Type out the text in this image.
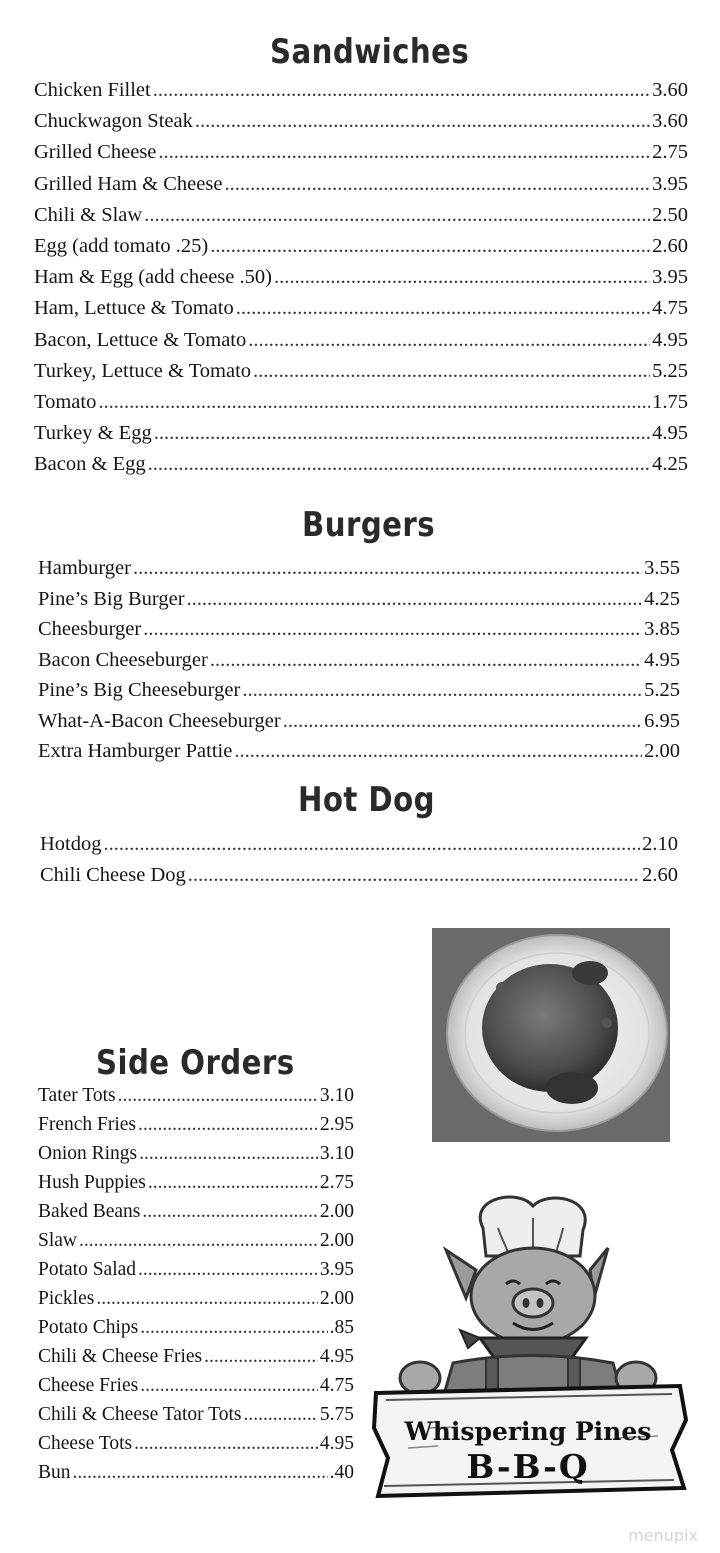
Sandwiches
Chicken Fillet .....	3.60
Chuckwagon Steak .....	3.60
Grilled Cheese .....	2.75
Grilled Ham & Cheese .....	3.95
Chili & Slaw .....	2.50
Egg (add tomato .25) .....	2.60
Ham & Egg (add cheese .50) .....	3.95
Ham, Lettuce & Tomato .....	4.75
Bacon, Lettuce & Tomato .....	4.95
Turkey, Lettuce & Tomato .....	5.25
Tomato .....	1.75
Turkey & Egg .....	4.95
Bacon & Egg .....	4.25
Burgers
Hamburger .....	3.55
Pine’s Big Burger .....	4.25
Cheesburger .....	3.85
Bacon Cheeseburger .....	4.95
Pine’s Big Cheeseburger .....	5.25
What-A-Bacon Cheeseburger .....	6.95
Extra Hamburger Pattie .....	2.00
Hot Dog
Hotdog .....	2.10
Chili Cheese Dog .....	2.60
Side Orders
Tater Tots .....	3.10
French Fries .....	2.95
Onion Rings .....	3.10
Hush Puppies .....	2.75
Baked Beans .....	2.00
Slaw .....	2.00
Potato Salad .....	3.95
Pickles .....	2.00
Potato Chips .....	.85
Chili & Cheese Fries .....	4.95
Cheese Fries .....	4.75
Chili & Cheese Tator Tots .....	5.75
Cheese Tots .....	4.95
Bun .....	.40
Whispering Pines
B-B-Q
menupix
